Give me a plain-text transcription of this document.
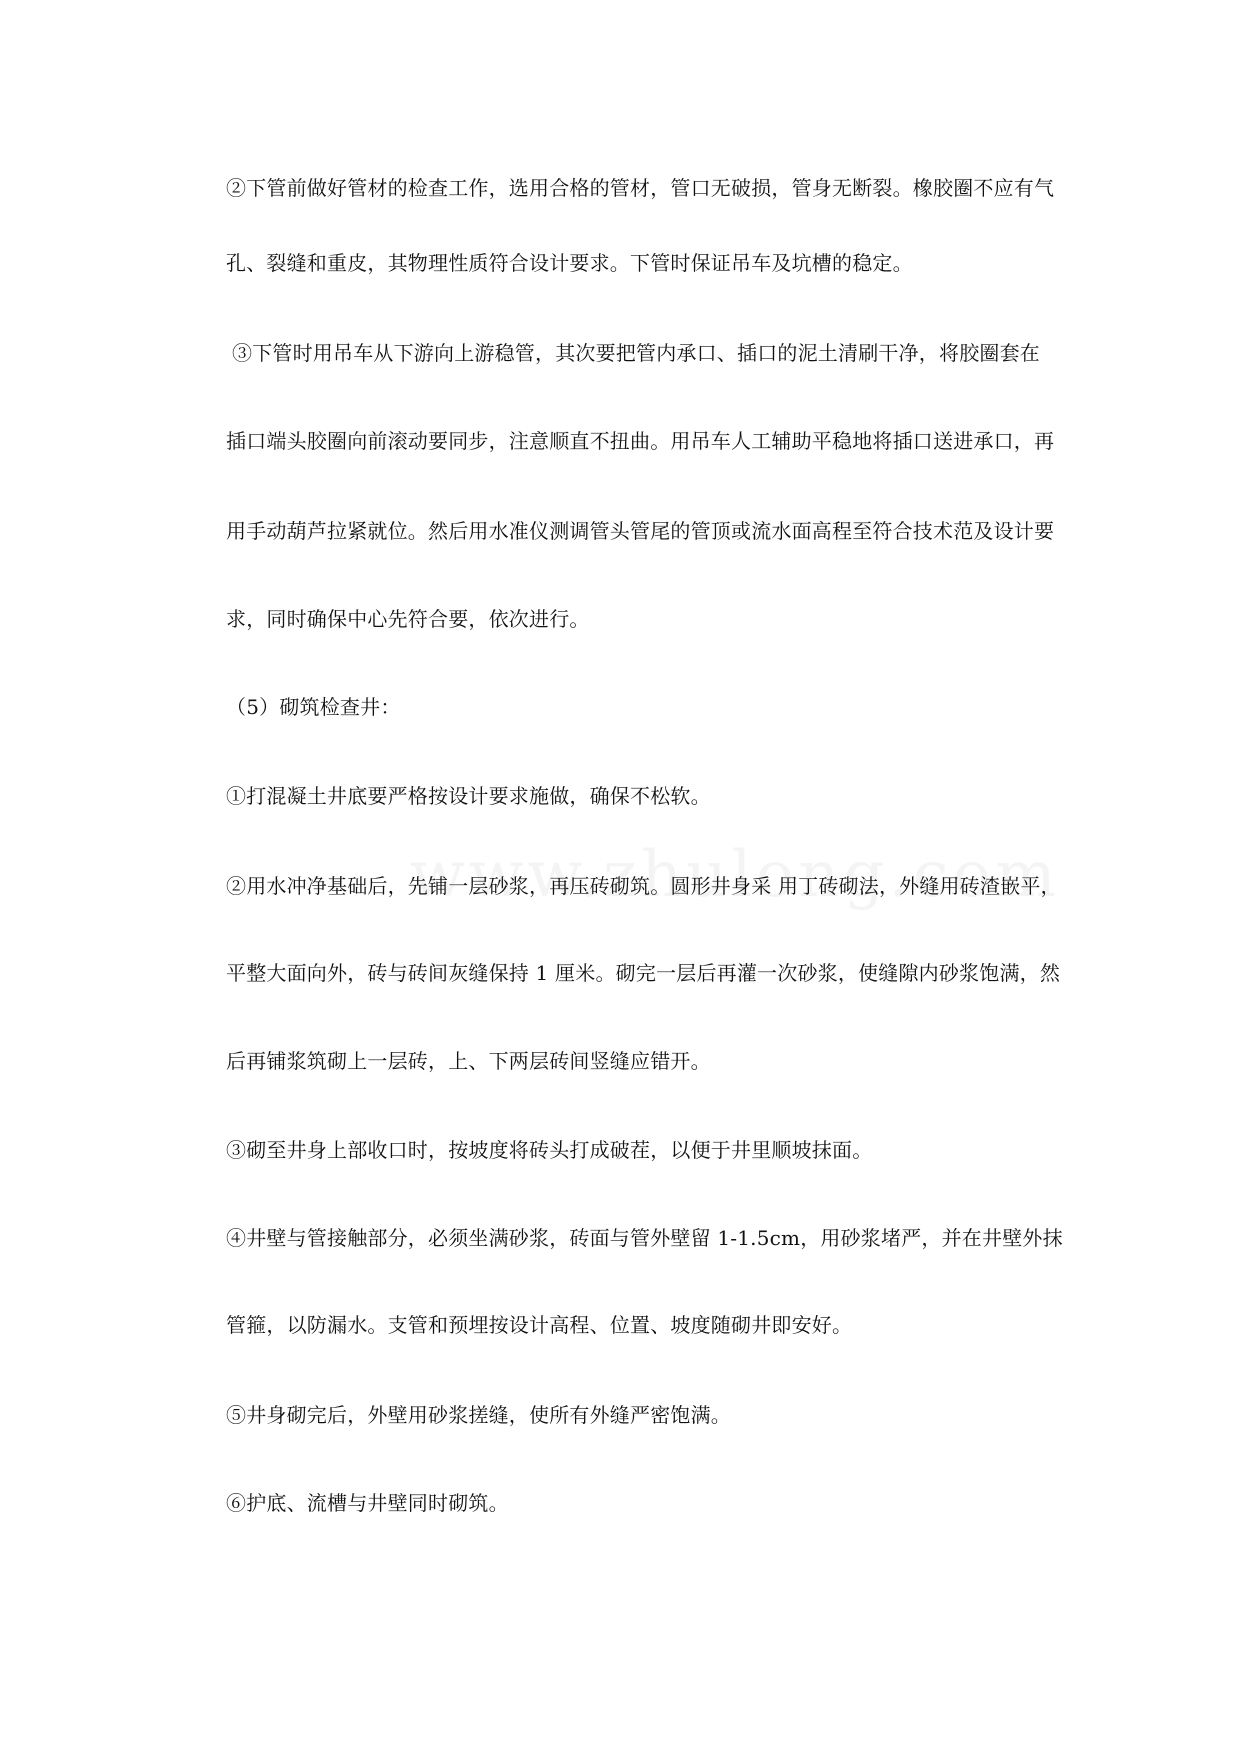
②下管前做好管材的检查工作，选用合格的管材，管口无破损，管身无断裂。橡胶圈不应有气
孔、裂缝和重皮，其物理性质符合设计要求。下管时保证吊车及坑槽的稳定。
③下管时用吊车从下游向上游稳管，其次要把管内承口、插口的泥土清刷干净，将胶圈套在
插口端头胶圈向前滚动要同步，注意顺直不扭曲。用吊车人工辅助平稳地将插口送进承口，再
用手动葫芦拉紧就位。然后用水准仪测调管头管尾的管顶或流水面高程至符合技术范及设计要
求，同时确保中心先符合要，依次进行。
（5）砌筑检查井：
①打混凝土井底要严格按设计要求施做，确保不松软。
②用水冲净基础后，先铺一层砂浆，再压砖砌筑。圆形井身采 用丁砖砌法，外缝用砖渣嵌平，
平整大面向外，砖与砖间灰缝保持 1 厘米。砌完一层后再灌一次砂浆，使缝隙内砂浆饱满，然
后再铺浆筑砌上一层砖，上、下两层砖间竖缝应错开。
③砌至井身上部收口时，按坡度将砖头打成破茬，以便于井里顺坡抹面。
④井壁与管接触部分，必须坐满砂浆，砖面与管外壁留 1-1.5cm，用砂浆堵严，并在井壁外抹
管箍，以防漏水。支管和预埋按设计高程、位置、坡度随砌井即安好。
⑤井身砌完后，外壁用砂浆搓缝，使所有外缝严密饱满。
⑥护底、流槽与井壁同时砌筑。
